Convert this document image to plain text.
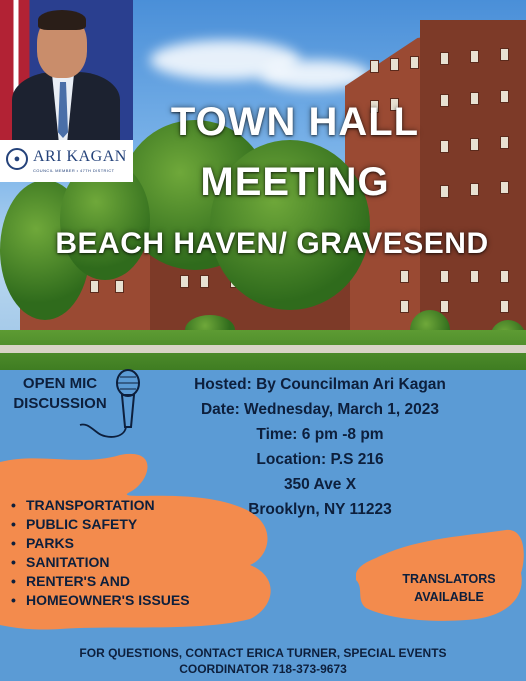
● ARI KAGAN
COUNCIL MEMBER • 47TH DISTRICT
TOWN HALL
MEETING
BEACH HAVEN/ GRAVESEND
OPEN MIC
DISCUSSION
Hosted: By Councilman Ari Kagan
Date: Wednesday, March 1, 2023
Time: 6 pm -8 pm
Location: P.S 216
350 Ave X
Brooklyn, NY 11223
• TRANSPORTATION
• PUBLIC SAFETY
• PARKS
• SANITATION
• RENTER'S AND
• HOMEOWNER'S ISSUES
TRANSLATORS
AVAILABLE
FOR QUESTIONS, CONTACT ERICA TURNER, SPECIAL EVENTS
COORDINATOR 718-373-9673
